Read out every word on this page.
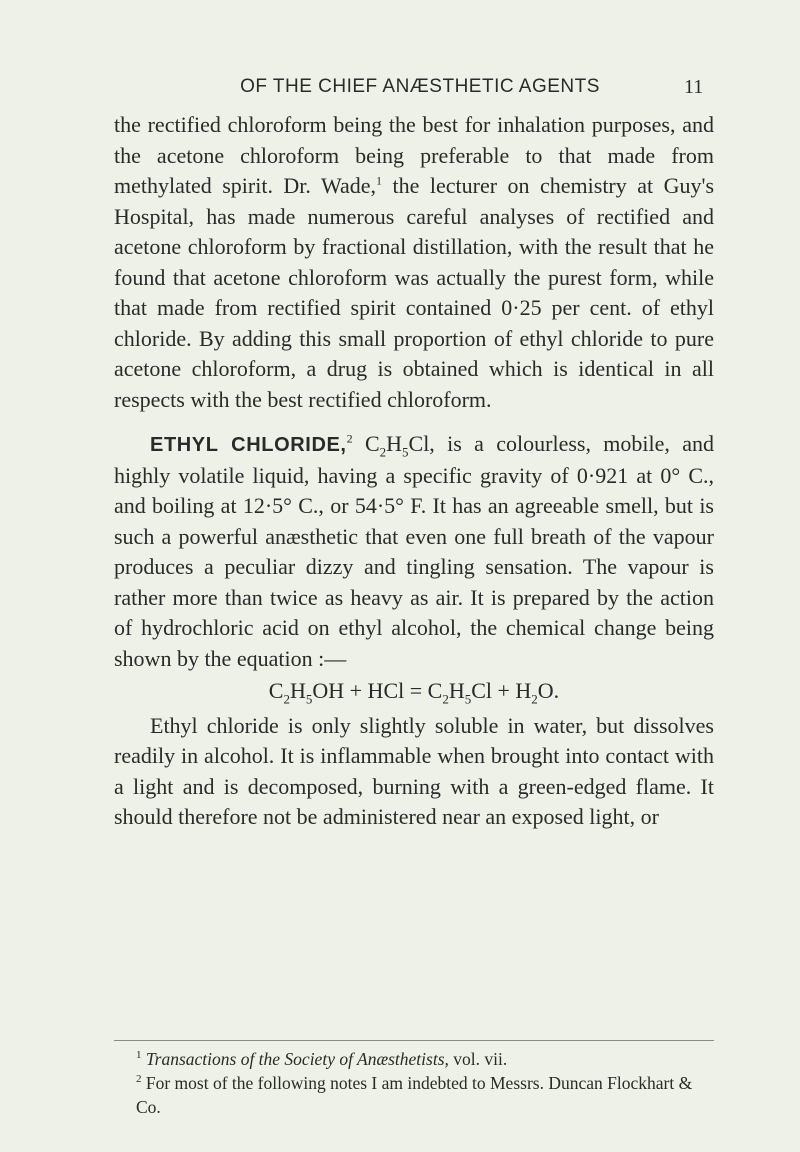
OF THE CHIEF ANÆSTHETIC AGENTS	11

the rectified chloroform being the best for inhalation purposes, and the acetone chloroform being preferable to that made from methylated spirit. Dr. Wade,$^1$ the lecturer on chemistry at Guy's Hospital, has made numerous careful analyses of rectified and acetone chloroform by fractional distillation, with the result that he found that acetone chloroform was actually the purest form, while that made from rectified spirit contained 0·25 per cent. of ethyl chloride. By adding this small proportion of ethyl chloride to pure acetone chloroform, a drug is obtained which is identical in all respects with the best rectified chloroform.

ETHYL CHLORIDE,$^2$ $C_2H_5Cl$, is a colourless, mobile, and highly volatile liquid, having a specific gravity of 0·921 at 0° C., and boiling at 12·5° C., or 54·5° F. It has an agreeable smell, but is such a powerful anæsthetic that even one full breath of the vapour produces a peculiar dizzy and tingling sensation. The vapour is rather more than twice as heavy as air. It is prepared by the action of hydrochloric acid on ethyl alcohol, the chemical change being shown by the equation :—

$C_2H_5OH$ + HCl = $C_2H_5Cl + H_2O$.

Ethyl chloride is only slightly soluble in water, but dissolves readily in alcohol. It is inflammable when brought into contact with a light and is decomposed, burning with a green-edged flame. It should therefore not be administered near an exposed light, or

$^1$ Transactions of the Society of Anæsthetists, vol. vii.

$^2$ For most of the following notes I am indebted to Messrs. Duncan Flockhart & Co.
